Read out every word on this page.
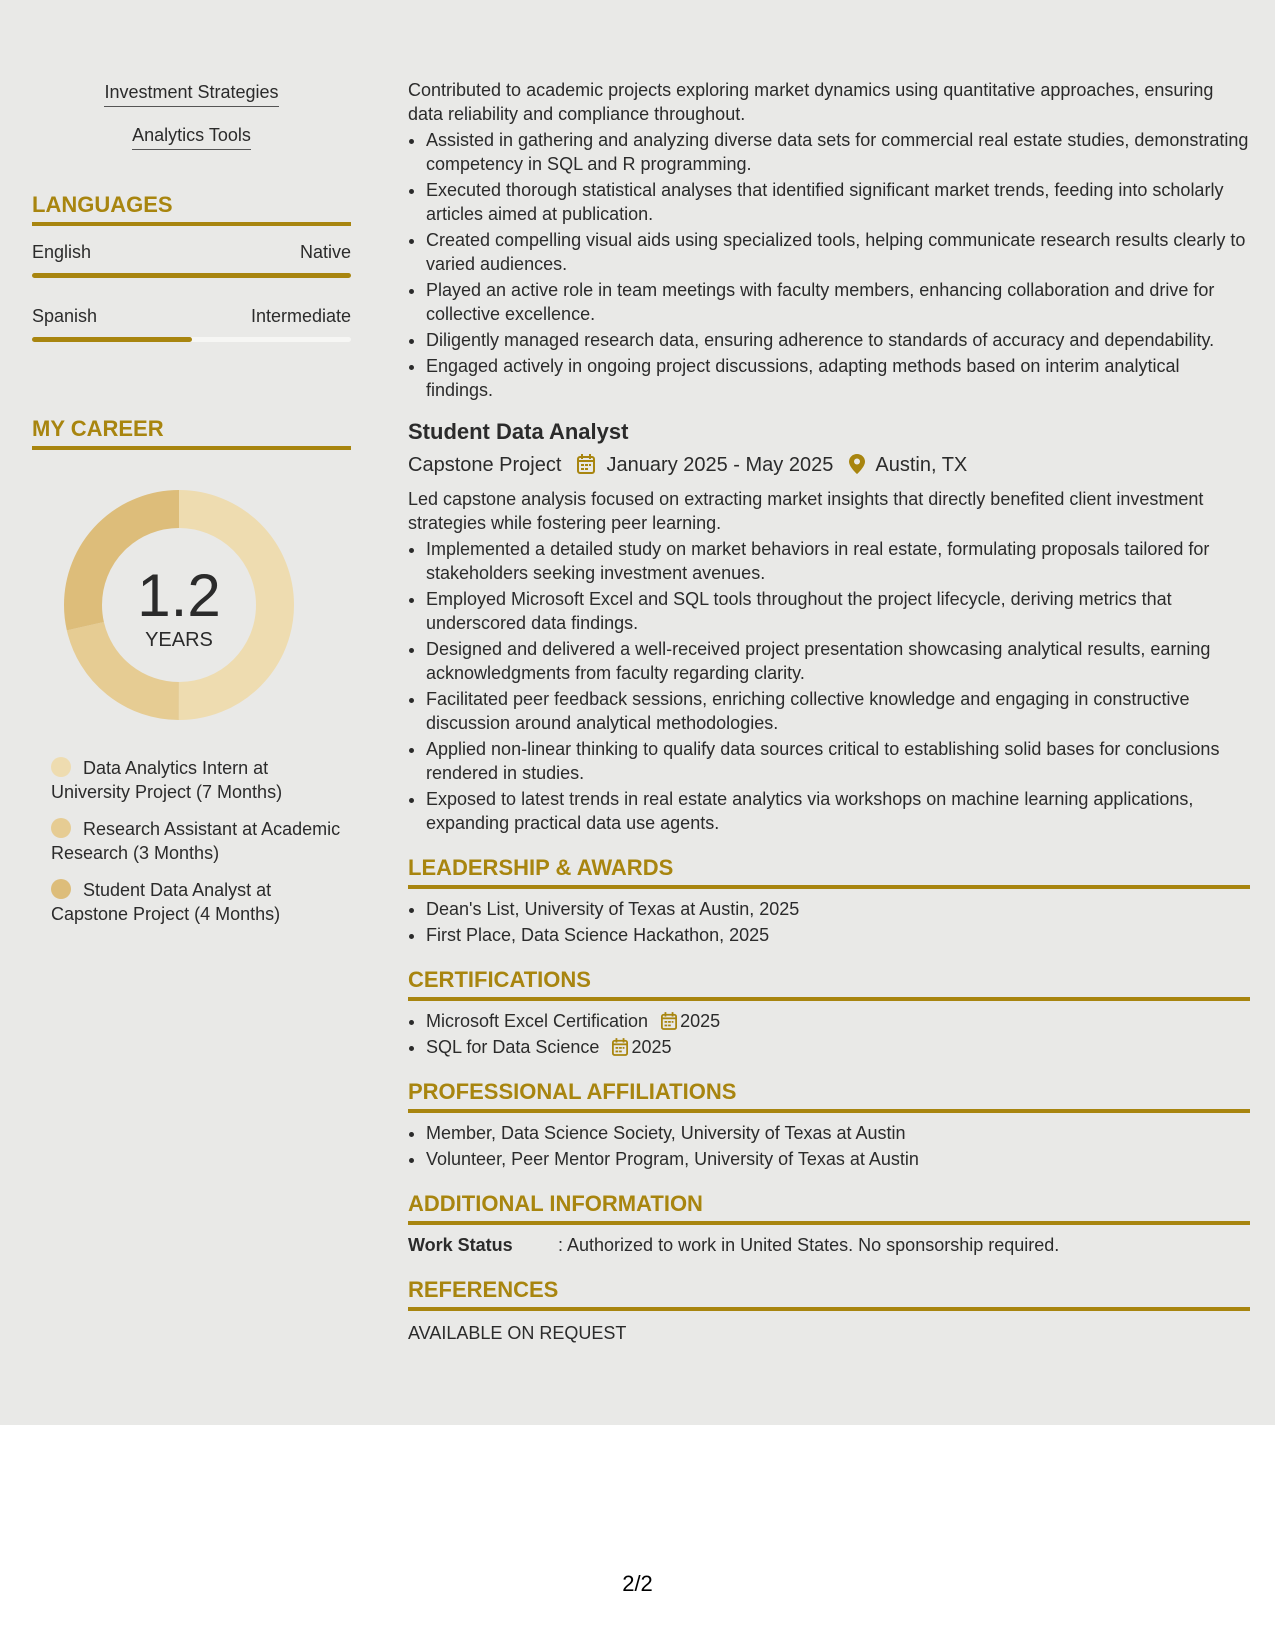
Investment Strategies
Analytics Tools
LANGUAGES
English	Native
Spanish	Intermediate
MY CAREER
1.2
YEARS
Data Analytics Intern at University Project (7 Months)
Research Assistant at Academic Research (3 Months)
Student Data Analyst at Capstone Project (4 Months)

Contributed to academic projects exploring market dynamics using quantitative approaches, ensuring data reliability and compliance throughout.

• Assisted in gathering and analyzing diverse data sets for commercial real estate studies, demonstrating competency in SQL and R programming.
• Executed thorough statistical analyses that identified significant market trends, feeding into scholarly articles aimed at publication.
• Created compelling visual aids using specialized tools, helping communicate research results clearly to varied audiences.
• Played an active role in team meetings with faculty members, enhancing collaboration and drive for collective excellence.
• Diligently managed research data, ensuring adherence to standards of accuracy and dependability.
• Engaged actively in ongoing project discussions, adapting methods based on interim analytical findings.
Student Data Analyst
Capstone Project January 2025 - May 2025 Austin, TX

Led capstone analysis focused on extracting market insights that directly benefited client investment strategies while fostering peer learning.

• Implemented a detailed study on market behaviors in real estate, formulating proposals tailored for stakeholders seeking investment avenues.
• Employed Microsoft Excel and SQL tools throughout the project lifecycle, deriving metrics that underscored data findings.
• Designed and delivered a well-received project presentation showcasing analytical results, earning acknowledgments from faculty regarding clarity.
• Facilitated peer feedback sessions, enriching collective knowledge and engaging in constructive discussion around analytical methodologies.
• Applied non-linear thinking to qualify data sources critical to establishing solid bases for conclusions rendered in studies.
• Exposed to latest trends in real estate analytics via workshops on machine learning applications, expanding practical data use agents.
LEADERSHIP & AWARDS
• Dean's List, University of Texas at Austin, 2025
• First Place, Data Science Hackathon, 2025
CERTIFICATIONS
• Microsoft Excel Certification 2025
• SQL for Data Science 2025
PROFESSIONAL AFFILIATIONS
• Member, Data Science Society, University of Texas at Austin
• Volunteer, Peer Mentor Program, University of Texas at Austin
ADDITIONAL INFORMATION
Work Status	: Authorized to work in United States. No sponsorship required.
REFERENCES
AVAILABLE ON REQUEST
2/2
